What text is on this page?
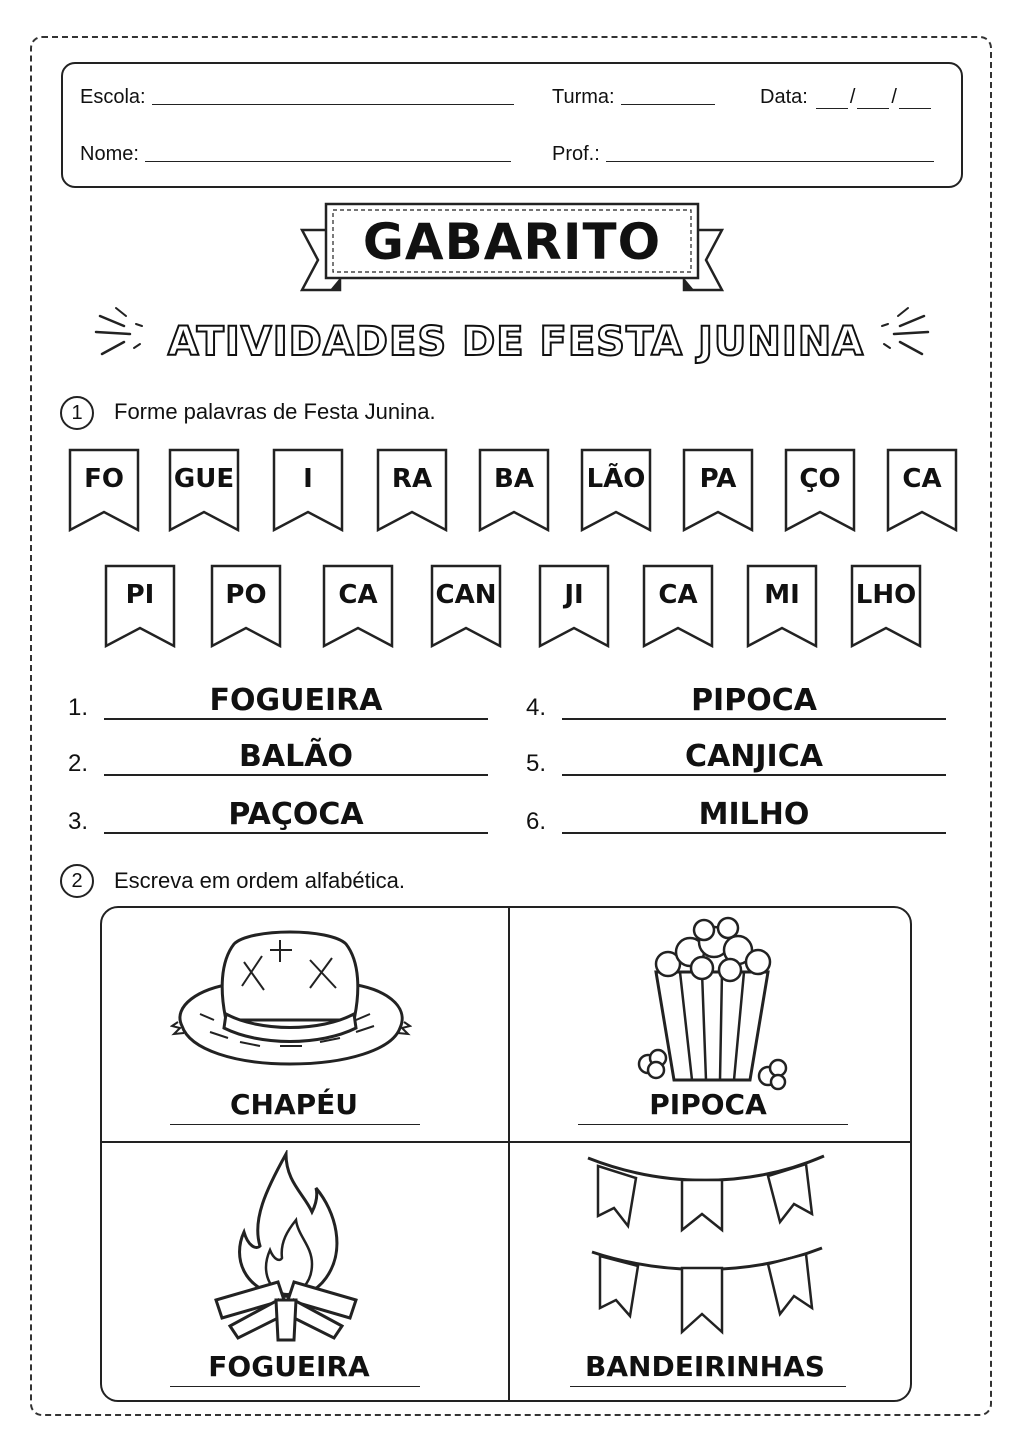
Escola:	Turma:	Data: / /
Nome:	Prof.:
GABARITO
ATIVIDADES DE FESTA JUNINA
1	Forme palavras de Festa Junina.
FO	GUE	I	RA	BA	LÃO	PA	ÇO	CA
PI	PO	CA	CAN	JI	CA	MI	LHO
1.	FOGUEIRA
2.	BALÃO
3.	PAÇOCA
4.	PIPOCA
5.	CANJICA
6.	MILHO
2	Escreva em ordem alfabética.
CHAPÉU	PIPOCA
FOGUEIRA	BANDEIRINHAS
